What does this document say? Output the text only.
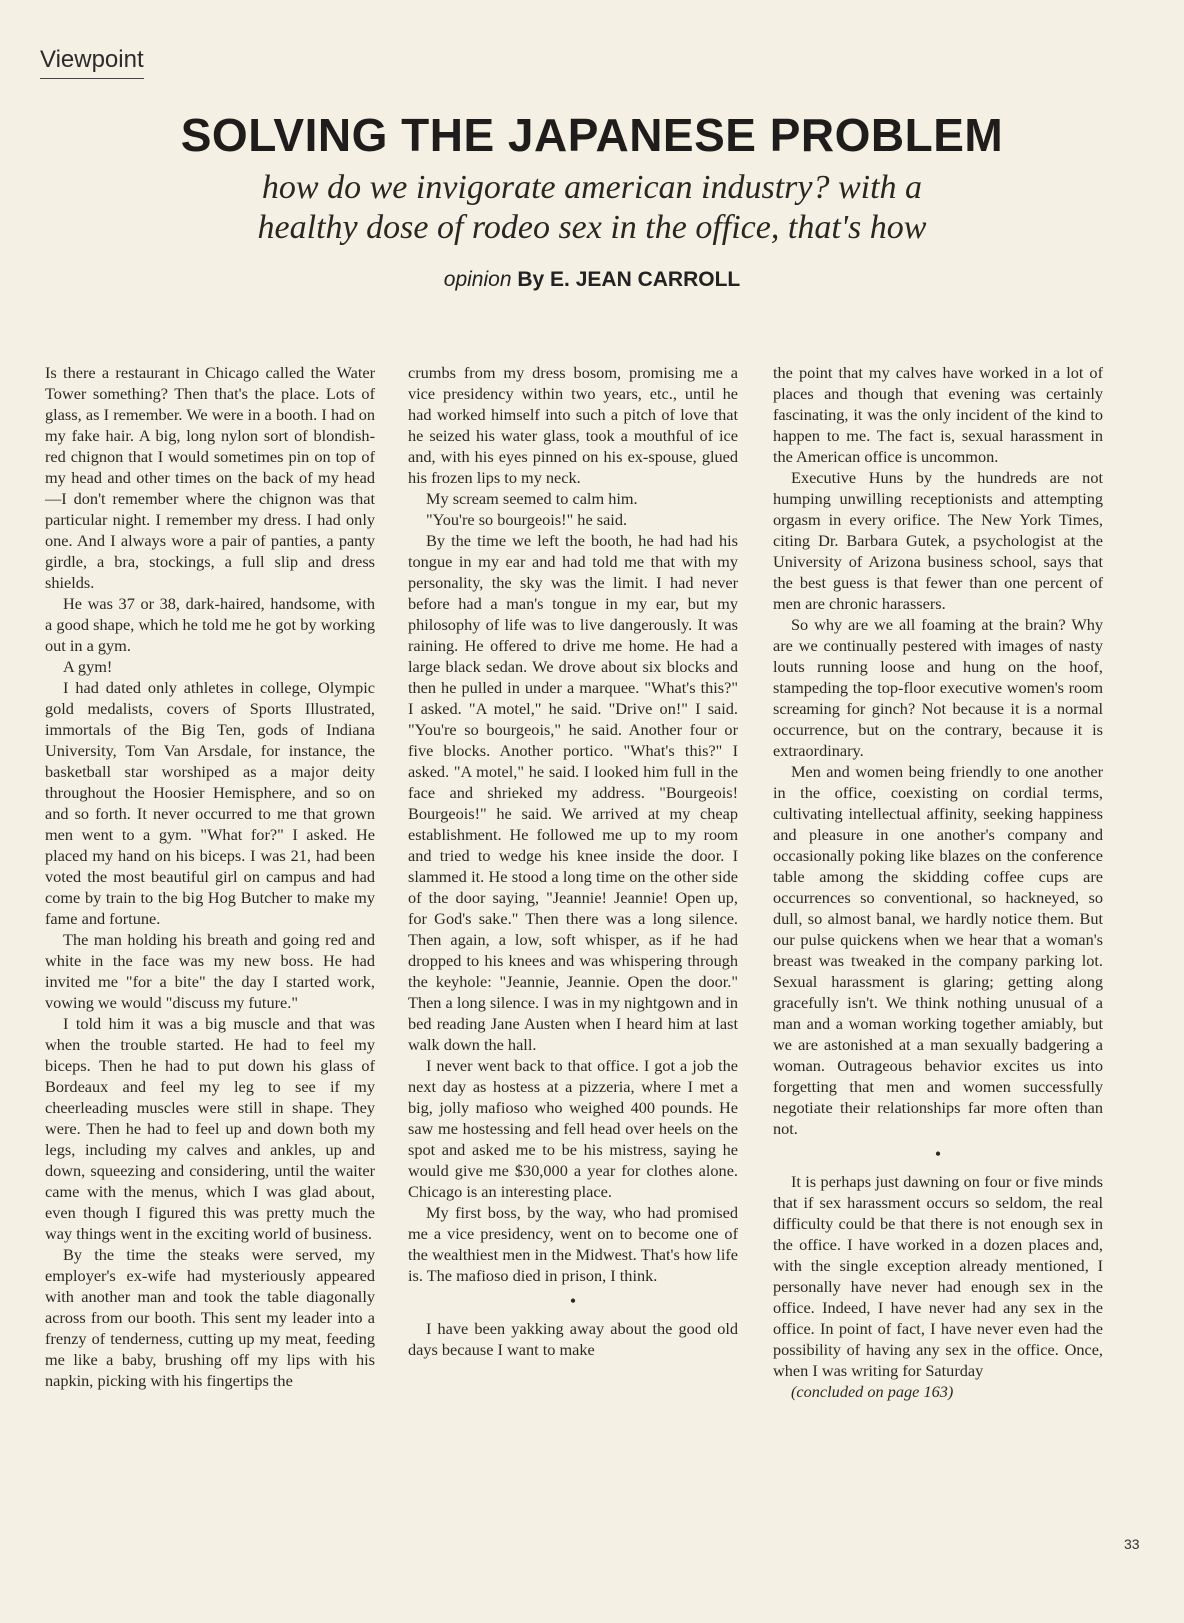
Viewpoint
SOLVING THE JAPANESE PROBLEM
how do we invigorate american industry? with a
healthy dose of rodeo sex in the office, that's how
opinion By E. JEAN CARROLL

Is there a restaurant in Chicago called the Water Tower something? Then that's the place. Lots of glass, as I remember. We were in a booth. I had on my fake hair. A big, long nylon sort of blondish-red chignon that I would sometimes pin on top of my head and other times on the back of my head—I don't remember where the chignon was that particular night. I remember my dress. I had only one. And I always wore a pair of panties, a panty girdle, a bra, stockings, a full slip and dress shields.

He was 37 or 38, dark-haired, handsome, with a good shape, which he told me he got by working out in a gym.

A gym!

I had dated only athletes in college, Olympic gold medalists, covers of Sports Illustrated, immortals of the Big Ten, gods of Indiana University, Tom Van Arsdale, for instance, the basketball star worshiped as a major deity throughout the Hoosier Hemisphere, and so on and so forth. It never occurred to me that grown men went to a gym. "What for?" I asked. He placed my hand on his biceps. I was 21, had been voted the most beautiful girl on campus and had come by train to the big Hog Butcher to make my fame and fortune.

The man holding his breath and going red and white in the face was my new boss. He had invited me "for a bite" the day I started work, vowing we would "discuss my future."

I told him it was a big muscle and that was when the trouble started. He had to feel my biceps. Then he had to put down his glass of Bordeaux and feel my leg to see if my cheerleading muscles were still in shape. They were. Then he had to feel up and down both my legs, including my calves and ankles, up and down, squeezing and considering, until the waiter came with the menus, which I was glad about, even though I figured this was pretty much the way things went in the exciting world of business.

By the time the steaks were served, my employer's ex-wife had mysteriously appeared with another man and took the table diagonally across from our booth. This sent my leader into a frenzy of tenderness, cutting up my meat, feeding me like a baby, brushing off my lips with his napkin, picking with his fingertips the

crumbs from my dress bosom, promising me a vice presidency within two years, etc., until he had worked himself into such a pitch of love that he seized his water glass, took a mouthful of ice and, with his eyes pinned on his ex-spouse, glued his frozen lips to my neck.

My scream seemed to calm him.

"You're so bourgeois!" he said.

By the time we left the booth, he had had his tongue in my ear and had told me that with my personality, the sky was the limit. I had never before had a man's tongue in my ear, but my philosophy of life was to live dangerously. It was raining. He offered to drive me home. He had a large black sedan. We drove about six blocks and then he pulled in under a marquee. "What's this?" I asked. "A motel," he said. "Drive on!" I said. "You're so bourgeois," he said. Another four or five blocks. Another portico. "What's this?" I asked. "A motel," he said. I looked him full in the face and shrieked my address. "Bourgeois! Bourgeois!" he said. We arrived at my cheap establishment. He followed me up to my room and tried to wedge his knee inside the door. I slammed it. He stood a long time on the other side of the door saying, "Jeannie! Jeannie! Open up, for God's sake." Then there was a long silence. Then again, a low, soft whisper, as if he had dropped to his knees and was whispering through the keyhole: "Jeannie, Jeannie. Open the door." Then a long silence. I was in my nightgown and in bed reading Jane Austen when I heard him at last walk down the hall.

I never went back to that office. I got a job the next day as hostess at a pizzeria, where I met a big, jolly mafioso who weighed 400 pounds. He saw me hostessing and fell head over heels on the spot and asked me to be his mistress, saying he would give me $30,000 a year for clothes alone. Chicago is an interesting place.

My first boss, by the way, who had promised me a vice presidency, went on to become one of the wealthiest men in the Midwest. That's how life is. The mafioso died in prison, I think.

•

I have been yakking away about the good old days because I want to make

the point that my calves have worked in a lot of places and though that evening was certainly fascinating, it was the only incident of the kind to happen to me. The fact is, sexual harassment in the American office is uncommon.

Executive Huns by the hundreds are not humping unwilling receptionists and attempting orgasm in every orifice. The New York Times, citing Dr. Barbara Gutek, a psychologist at the University of Arizona business school, says that the best guess is that fewer than one percent of men are chronic harassers.

So why are we all foaming at the brain? Why are we continually pestered with images of nasty louts running loose and hung on the hoof, stampeding the top-floor executive women's room screaming for ginch? Not because it is a normal occurrence, but on the contrary, because it is extraordinary.

Men and women being friendly to one another in the office, coexisting on cordial terms, cultivating intellectual affinity, seeking happiness and pleasure in one another's company and occasionally poking like blazes on the conference table among the skidding coffee cups are occurrences so conventional, so hackneyed, so dull, so almost banal, we hardly notice them. But our pulse quickens when we hear that a woman's breast was tweaked in the company parking lot. Sexual harassment is glaring; getting along gracefully isn't. We think nothing unusual of a man and a woman working together amiably, but we are astonished at a man sexually badgering a woman. Outrageous behavior excites us into forgetting that men and women successfully negotiate their relationships far more often than not.

•

It is perhaps just dawning on four or five minds that if sex harassment occurs so seldom, the real difficulty could be that there is not enough sex in the office. I have worked in a dozen places and, with the single exception already mentioned, I personally have never had enough sex in the office. Indeed, I have never had any sex in the office. In point of fact, I have never even had the possibility of having any sex in the office. Once, when I was writing for Saturday

(concluded on page 163)

33
